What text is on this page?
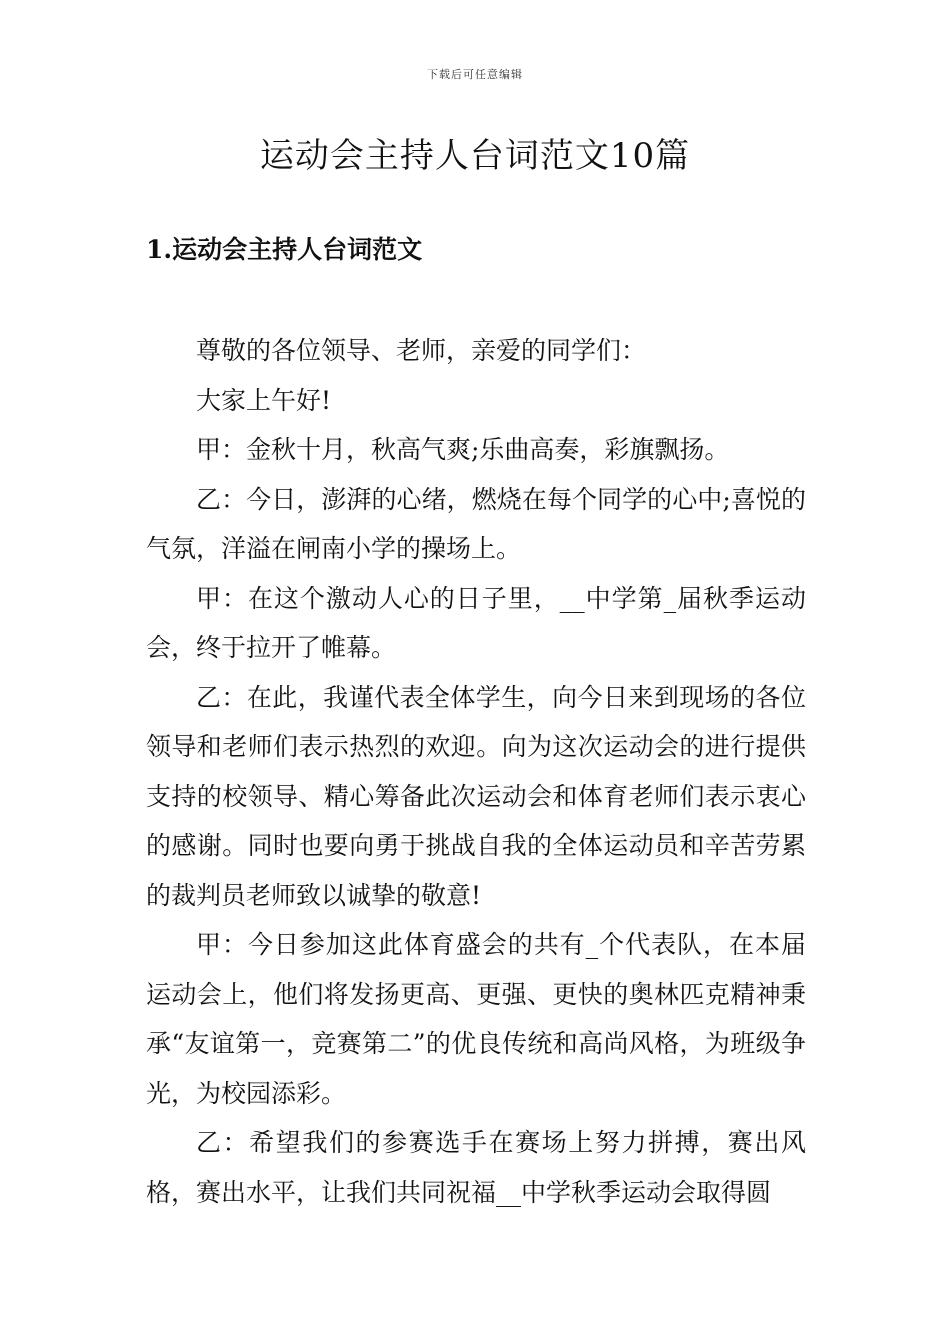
下载后可任意编辑
运动会主持人台词范文10篇
1.运动会主持人台词范文

尊敬的各位领导、老师，亲爱的同学们：

大家上午好!

甲：金秋十月，秋高气爽;乐曲高奏，彩旗飘扬。

乙：今日，澎湃的心绪，燃烧在每个同学的心中;喜悦的气氛，洋溢在闸南小学的操场上。

甲：在这个激动人心的日子里，__中学第_届秋季运动会，终于拉开了帷幕。

乙：在此，我谨代表全体学生，向今日来到现场的各位领导和老师们表示热烈的欢迎。向为这次运动会的进行提供支持的校领导、精心筹备此次运动会和体育老师们表示衷心的感谢。同时也要向勇于挑战自我的全体运动员和辛苦劳累的裁判员老师致以诚挚的敬意!

甲：今日参加这此体育盛会的共有_个代表队，在本届运动会上，他们将发扬更高、更强、更快的奥林匹克精神秉承“友谊第一，竞赛第二”的优良传统和高尚风格，为班级争光，为校园添彩。

乙：希望我们的参赛选手在赛场上努力拼搏，赛出风格，赛出水平，让我们共同祝福__中学秋季运动会取得圆
